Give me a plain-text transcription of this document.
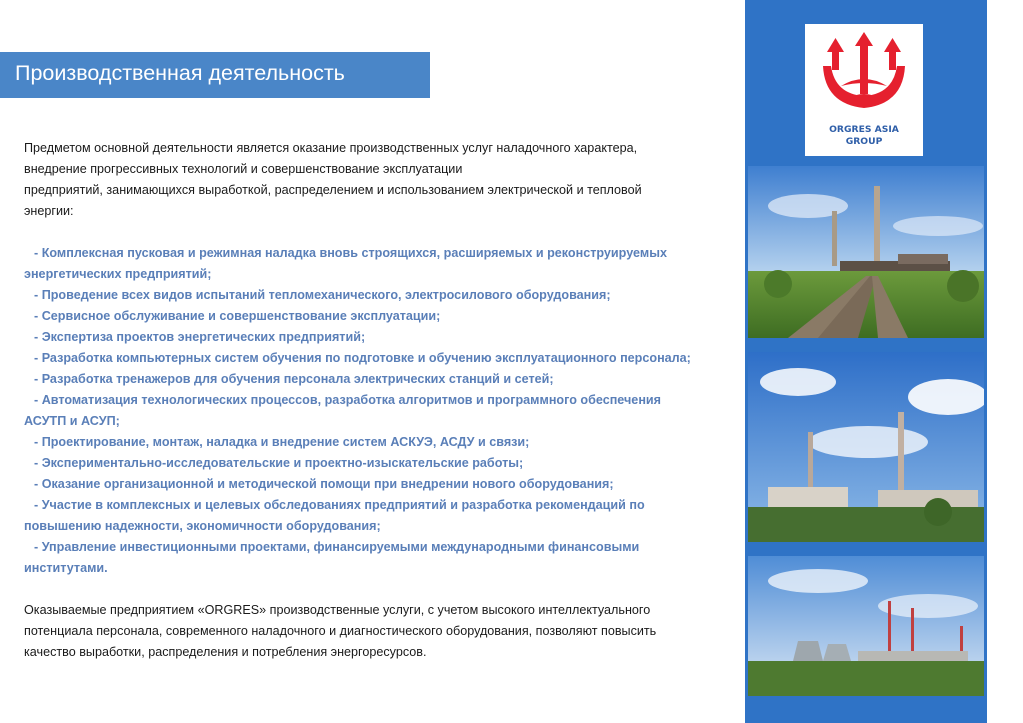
Производственная деятельность
Предметом основной деятельности является оказание производственных услуг наладочного характера,
внедрение прогрессивных технологий и совершенствование эксплуатации
предприятий, занимающихся выработкой, распределением и использованием электрической и тепловой
энергии:
- Комплексная пусковая и режимная наладка вновь строящихся, расширяемых и реконструируемых
энергетических предприятий;
- Проведение всех видов испытаний тепломеханического, электросилового оборудования;
- Сервисное обслуживание и совершенствование эксплуатации;
- Экспертиза проектов энергетических предприятий;
- Разработка компьютерных систем обучения по подготовке и обучению эксплуатационного персонала;
- Разработка тренажеров для обучения персонала электрических станций и сетей;
- Автоматизация технологических процессов, разработка алгоритмов и программного обеспечения
АСУТП и АСУП;
- Проектирование, монтаж, наладка и внедрение систем АСКУЭ, АСДУ и связи;
- Экспериментально-исследовательские и проектно-изыскательские работы;
- Оказание организационной и методической помощи при внедрении нового оборудования;
- Участие в комплексных и целевых обследованиях предприятий и разработка рекомендаций по
повышению надежности, экономичности оборудования;
- Управление инвестиционными проектами, финансируемыми международными финансовыми
институтами.
Оказываемые предприятием «ORGRES» производственные услуги, с учетом высокого интеллектуального
потенциала персонала, современного наладочного и диагностического оборудования, позволяют повысить
качество выработки, распределения и потребления энергоресурсов.
ORGRES ASIA
GROUP
